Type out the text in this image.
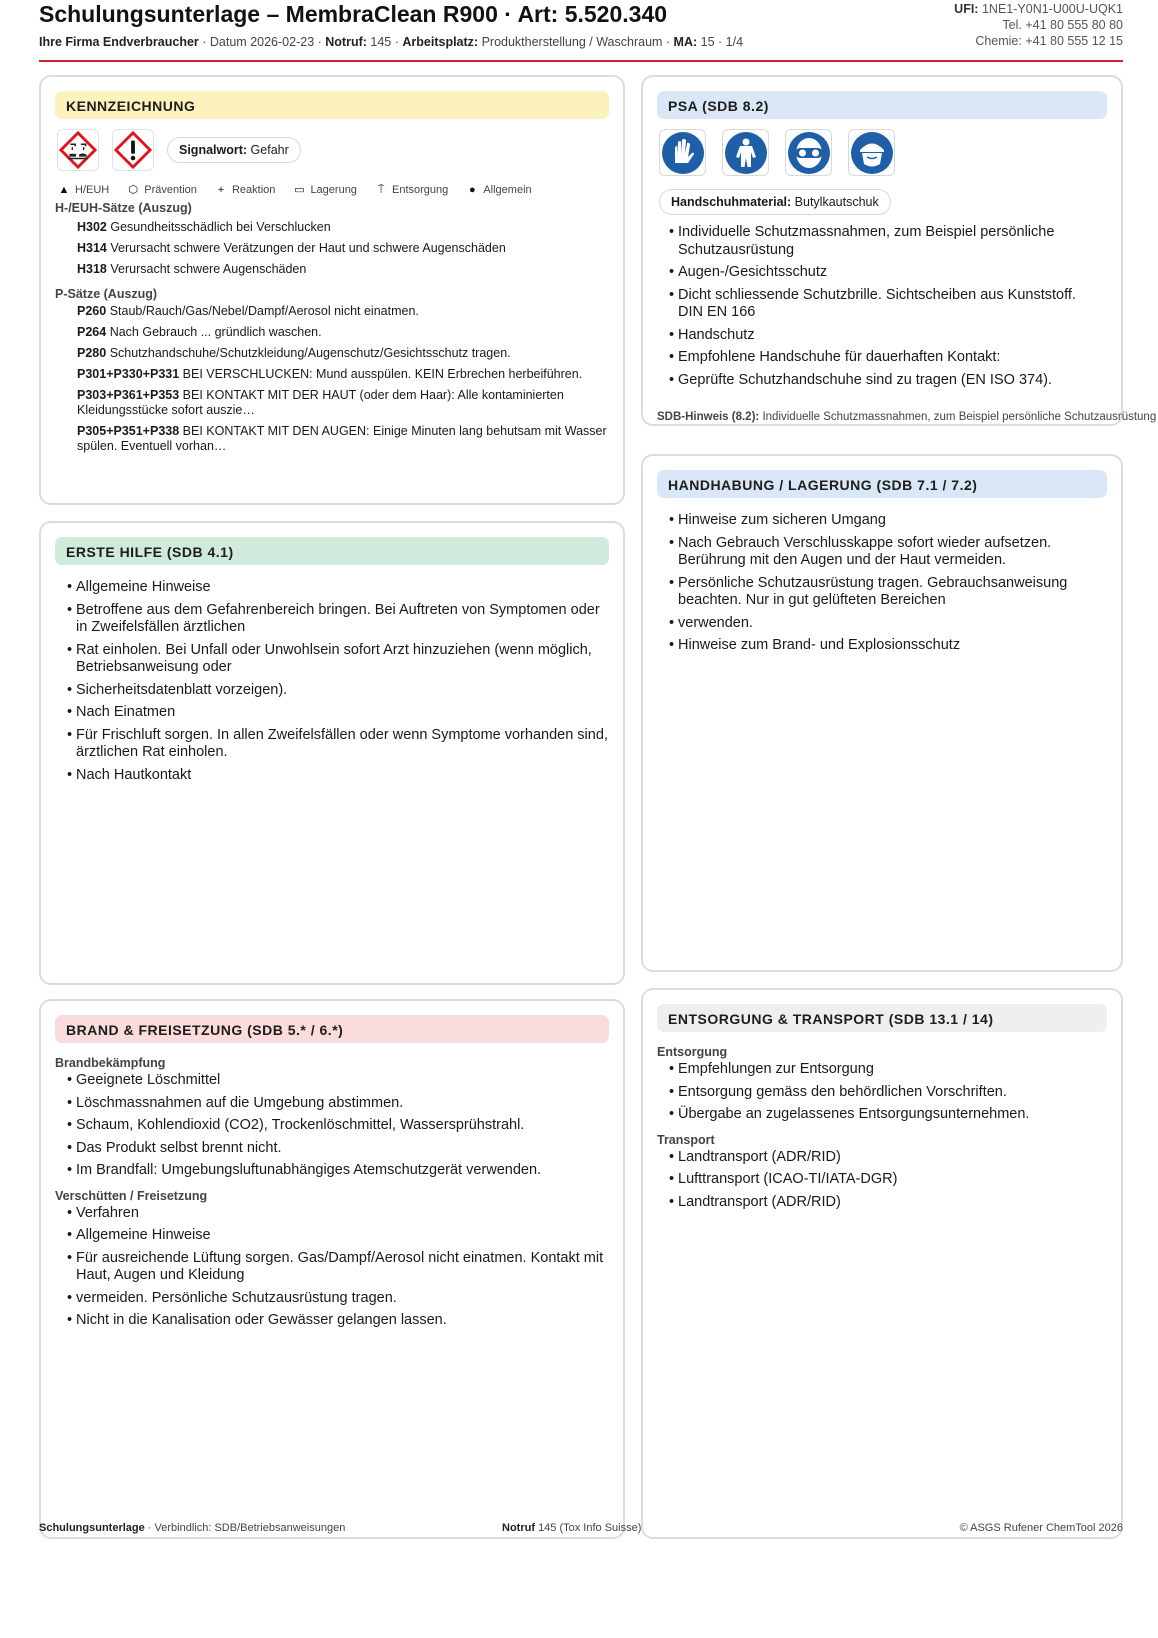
Schulungsunterlage – MembraClean R900 · Art: 5.520.340
Ihre Firma Endverbraucher · Datum 2026-02-23 · Notruf: 145 · Arbeitsplatz: Produktherstellung / Waschraum · MA: 15 · 1/4
UFI: 1NE1-Y0N1-U00U-UQK1
Tel. +41 80 555 80 80
Chemie: +41 80 555 12 15
KENNZEICHNUNG
Signalwort: Gefahr
▲ H/EUH ⬡ Prävention + Reaktion ▭ Lagerung ⍑ Entsorgung ● Allgemein
H-/EUH-Sätze (Auszug)
H302 Gesundheitsschädlich bei Verschlucken
H314 Verursacht schwere Verätzungen der Haut und schwere Augenschäden
H318 Verursacht schwere Augenschäden
P-Sätze (Auszug)
P260 Staub/Rauch/Gas/Nebel/Dampf/Aerosol nicht einatmen.
P264 Nach Gebrauch ... gründlich waschen.
P280 Schutzhandschuhe/Schutzkleidung/Augenschutz/Gesichtsschutz tragen.
P301+P330+P331 BEI VERSCHLUCKEN: Mund ausspülen. KEIN Erbrechen herbeiführen.
P303+P361+P353 BEI KONTAKT MIT DER HAUT (oder dem Haar): Alle kontaminierten Kleidungsstücke sofort auszie…
P305+P351+P338 BEI KONTAKT MIT DEN AUGEN: Einige Minuten lang behutsam mit Wasser spülen. Eventuell vorhan…
PSA (SDB 8.2)
Handschuhmaterial: Butylkautschuk
• Individuelle Schutzmassnahmen, zum Beispiel persönliche Schutzausrüstung
• Augen-/Gesichtsschutz
• Dicht schliessende Schutzbrille. Sichtscheiben aus Kunststoff. DIN EN 166
• Handschutz
• Empfohlene Handschuhe für dauerhaften Kontakt:
• Geprüfte Schutzhandschuhe sind zu tragen (EN ISO 374).
SDB-Hinweis (8.2): Individuelle Schutzmassnahmen, zum Beispiel persönliche Schutzausrüstung
ERSTE HILFE (SDB 4.1)
• Allgemeine Hinweise
• Betroffene aus dem Gefahrenbereich bringen. Bei Auftreten von Symptomen oder in Zweifelsfällen ärztlichen
• Rat einholen. Bei Unfall oder Unwohlsein sofort Arzt hinzuziehen (wenn möglich, Betriebsanweisung oder
• Sicherheitsdatenblatt vorzeigen).
• Nach Einatmen
• Für Frischluft sorgen. In allen Zweifelsfällen oder wenn Symptome vorhanden sind, ärztlichen Rat einholen.
• Nach Hautkontakt
HANDHABUNG / LAGERUNG (SDB 7.1 / 7.2)
• Hinweise zum sicheren Umgang
• Nach Gebrauch Verschlusskappe sofort wieder aufsetzen. Berührung mit den Augen und der Haut vermeiden.
• Persönliche Schutzausrüstung tragen. Gebrauchsanweisung beachten. Nur in gut gelüfteten Bereichen
• verwenden.
• Hinweise zum Brand- und Explosionsschutz
BRAND & FREISETZUNG (SDB 5.* / 6.*)
Brandbekämpfung
• Geeignete Löschmittel
• Löschmassnahmen auf die Umgebung abstimmen.
• Schaum, Kohlendioxid (CO2), Trockenlöschmittel, Wassersprühstrahl.
• Das Produkt selbst brennt nicht.
• Im Brandfall: Umgebungsluftunabhängiges Atemschutzgerät verwenden.
Verschütten / Freisetzung
• Verfahren
• Allgemeine Hinweise
• Für ausreichende Lüftung sorgen. Gas/Dampf/Aerosol nicht einatmen. Kontakt mit Haut, Augen und Kleidung
• vermeiden. Persönliche Schutzausrüstung tragen.
• Nicht in die Kanalisation oder Gewässer gelangen lassen.
ENTSORGUNG & TRANSPORT (SDB 13.1 / 14)
Entsorgung
• Empfehlungen zur Entsorgung
• Entsorgung gemäss den behördlichen Vorschriften.
• Übergabe an zugelassenes Entsorgungsunternehmen.
Transport
• Landtransport (ADR/RID)
• Lufttransport (ICAO-TI/IATA-DGR)
• Landtransport (ADR/RID)
Schulungsunterlage · Verbindlich: SDB/Betriebsanweisungen	Notruf 145 (Tox Info Suisse)	© ASGS Rufener ChemTool 2026
